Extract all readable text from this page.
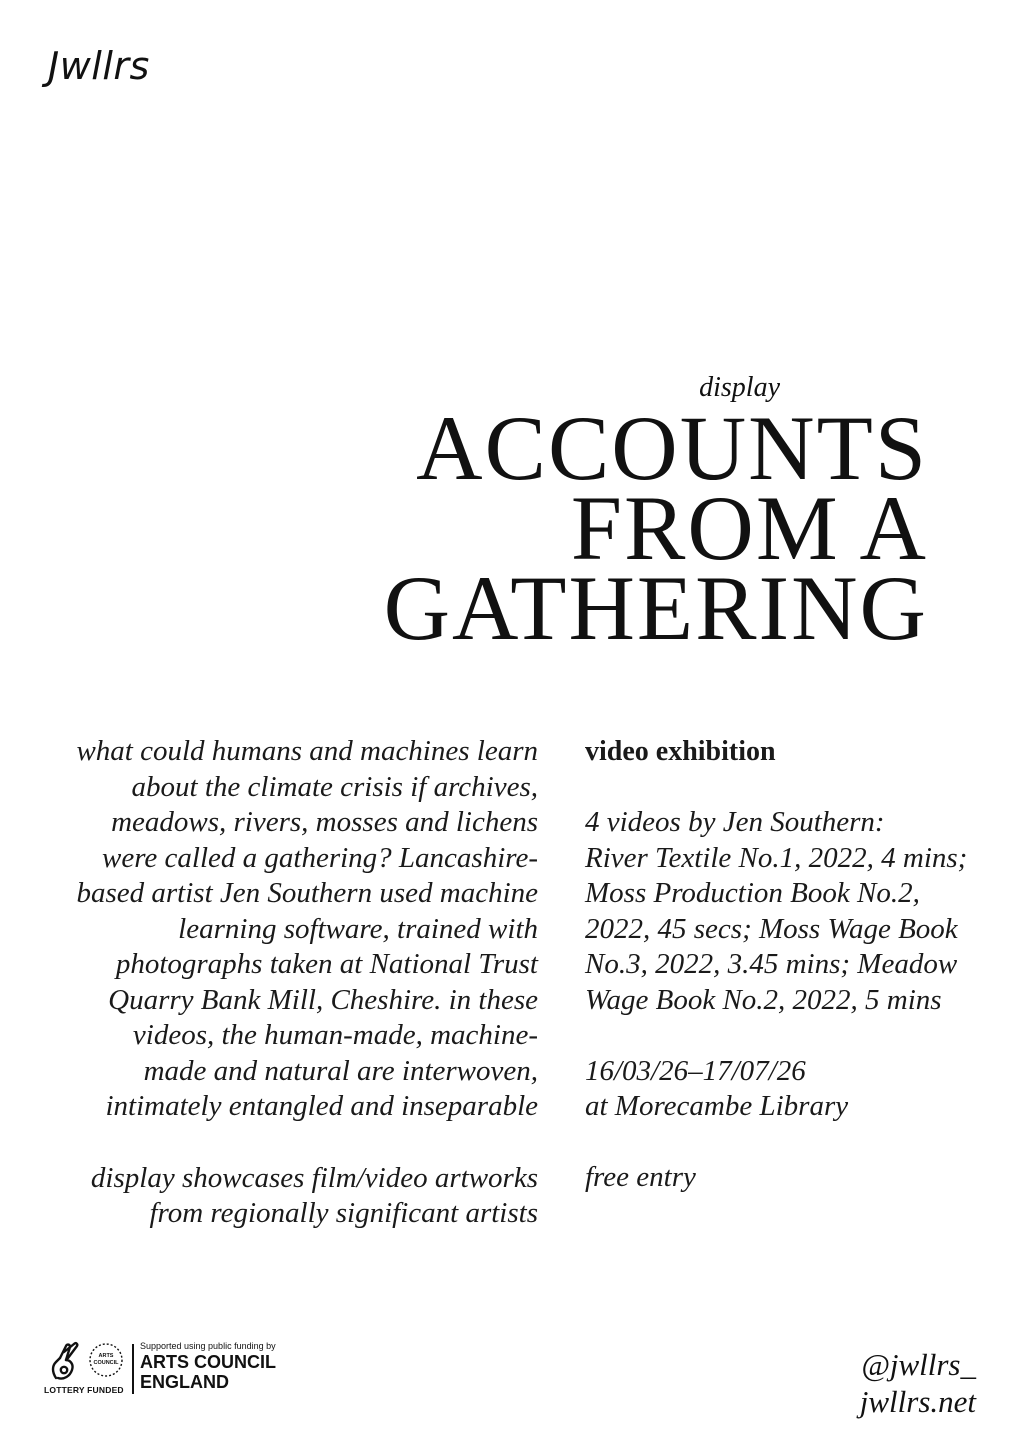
Jwllrs
display
ACCOUNTS
FROM A
GATHERING

what could humans and machines learn

about the climate crisis if archives,

meadows, rivers, mosses and lichens

were called a gathering? Lancashire-

based artist Jen Southern used machine

learning software, trained with

photographs taken at National Trust

Quarry Bank Mill, Cheshire. in these

videos, the human-made, machine-

made and natural are interwoven,

intimately entangled and inseparable

display showcases film/video artworks

from regionally significant artists

video exhibition

4 videos by Jen Southern:

River Textile No.1, 2022, 4 mins;

Moss Production Book No.2,

2022, 45 secs; Moss Wage Book

No.3, 2022, 3.45 mins; Meadow

Wage Book No.2, 2022, 5 mins

16/03/26–17/07/26

at Morecambe Library

free entry

ARTS
COUNCIL
LOTTERY FUNDED
Supported using public funding by
ARTS COUNCIL
ENGLAND	@jwllrs_
jwllrs.net
